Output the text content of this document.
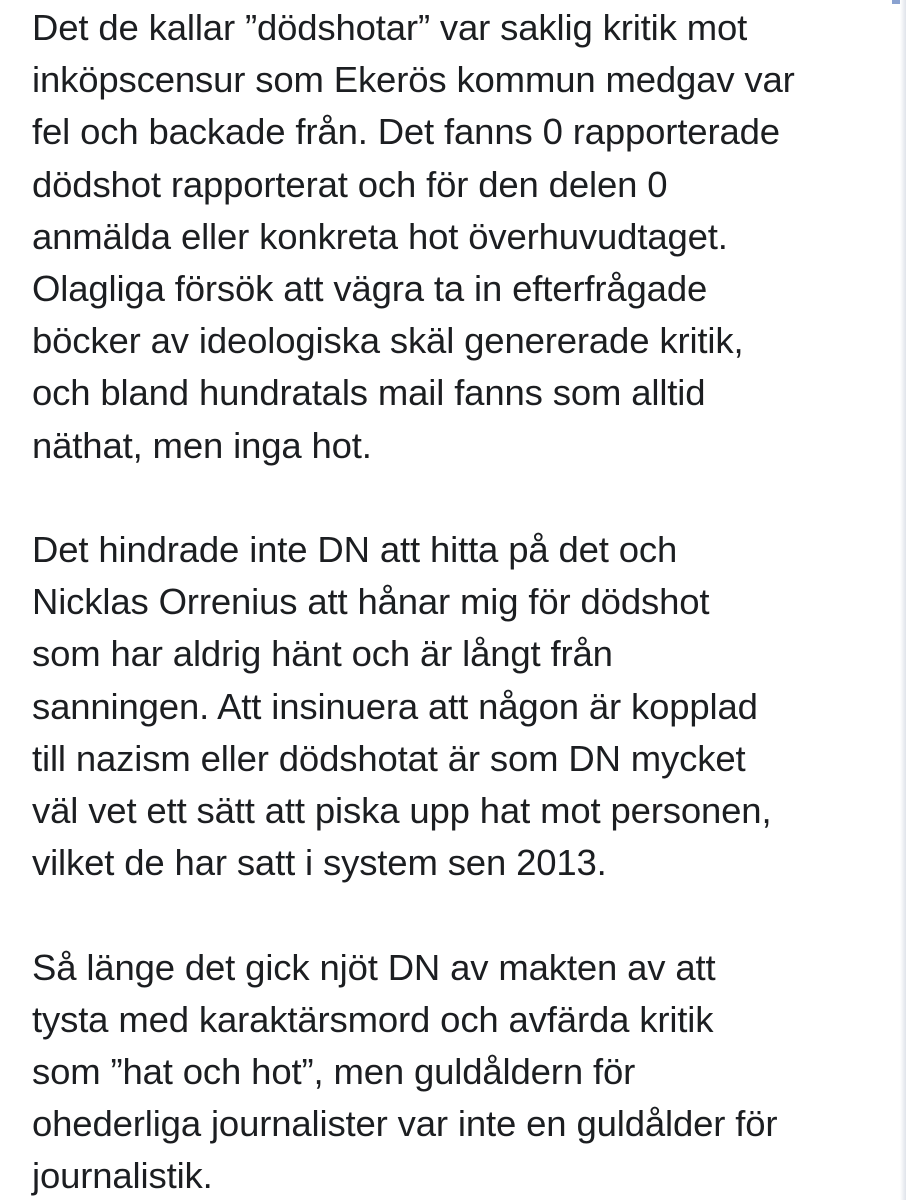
Det de kallar ”dödshotar” var saklig kritik mot
inköpscensur som Ekerös kommun medgav var
fel och backade från. Det fanns 0 rapporterade
dödshot rapporterat och för den delen 0
anmälda eller konkreta hot överhuvudtaget.
Olagliga försök att vägra ta in efterfrågade
böcker av ideologiska skäl genererade kritik,
och bland hundratals mail fanns som alltid
näthat, men inga hot.

Det hindrade inte DN att hitta på det och
Nicklas Orrenius att hånar mig för dödshot
som har aldrig hänt och är långt från
sanningen. Att insinuera att någon är kopplad
till nazism eller dödshotat är som DN mycket
väl vet ett sätt att piska upp hat mot personen,
vilket de har satt i system sen 2013.

Så länge det gick njöt DN av makten av att
tysta med karaktärsmord och avfärda kritik
som ”hat och hot”, men guldåldern för
ohederliga journalister var inte en guldålder för
journalistik.
